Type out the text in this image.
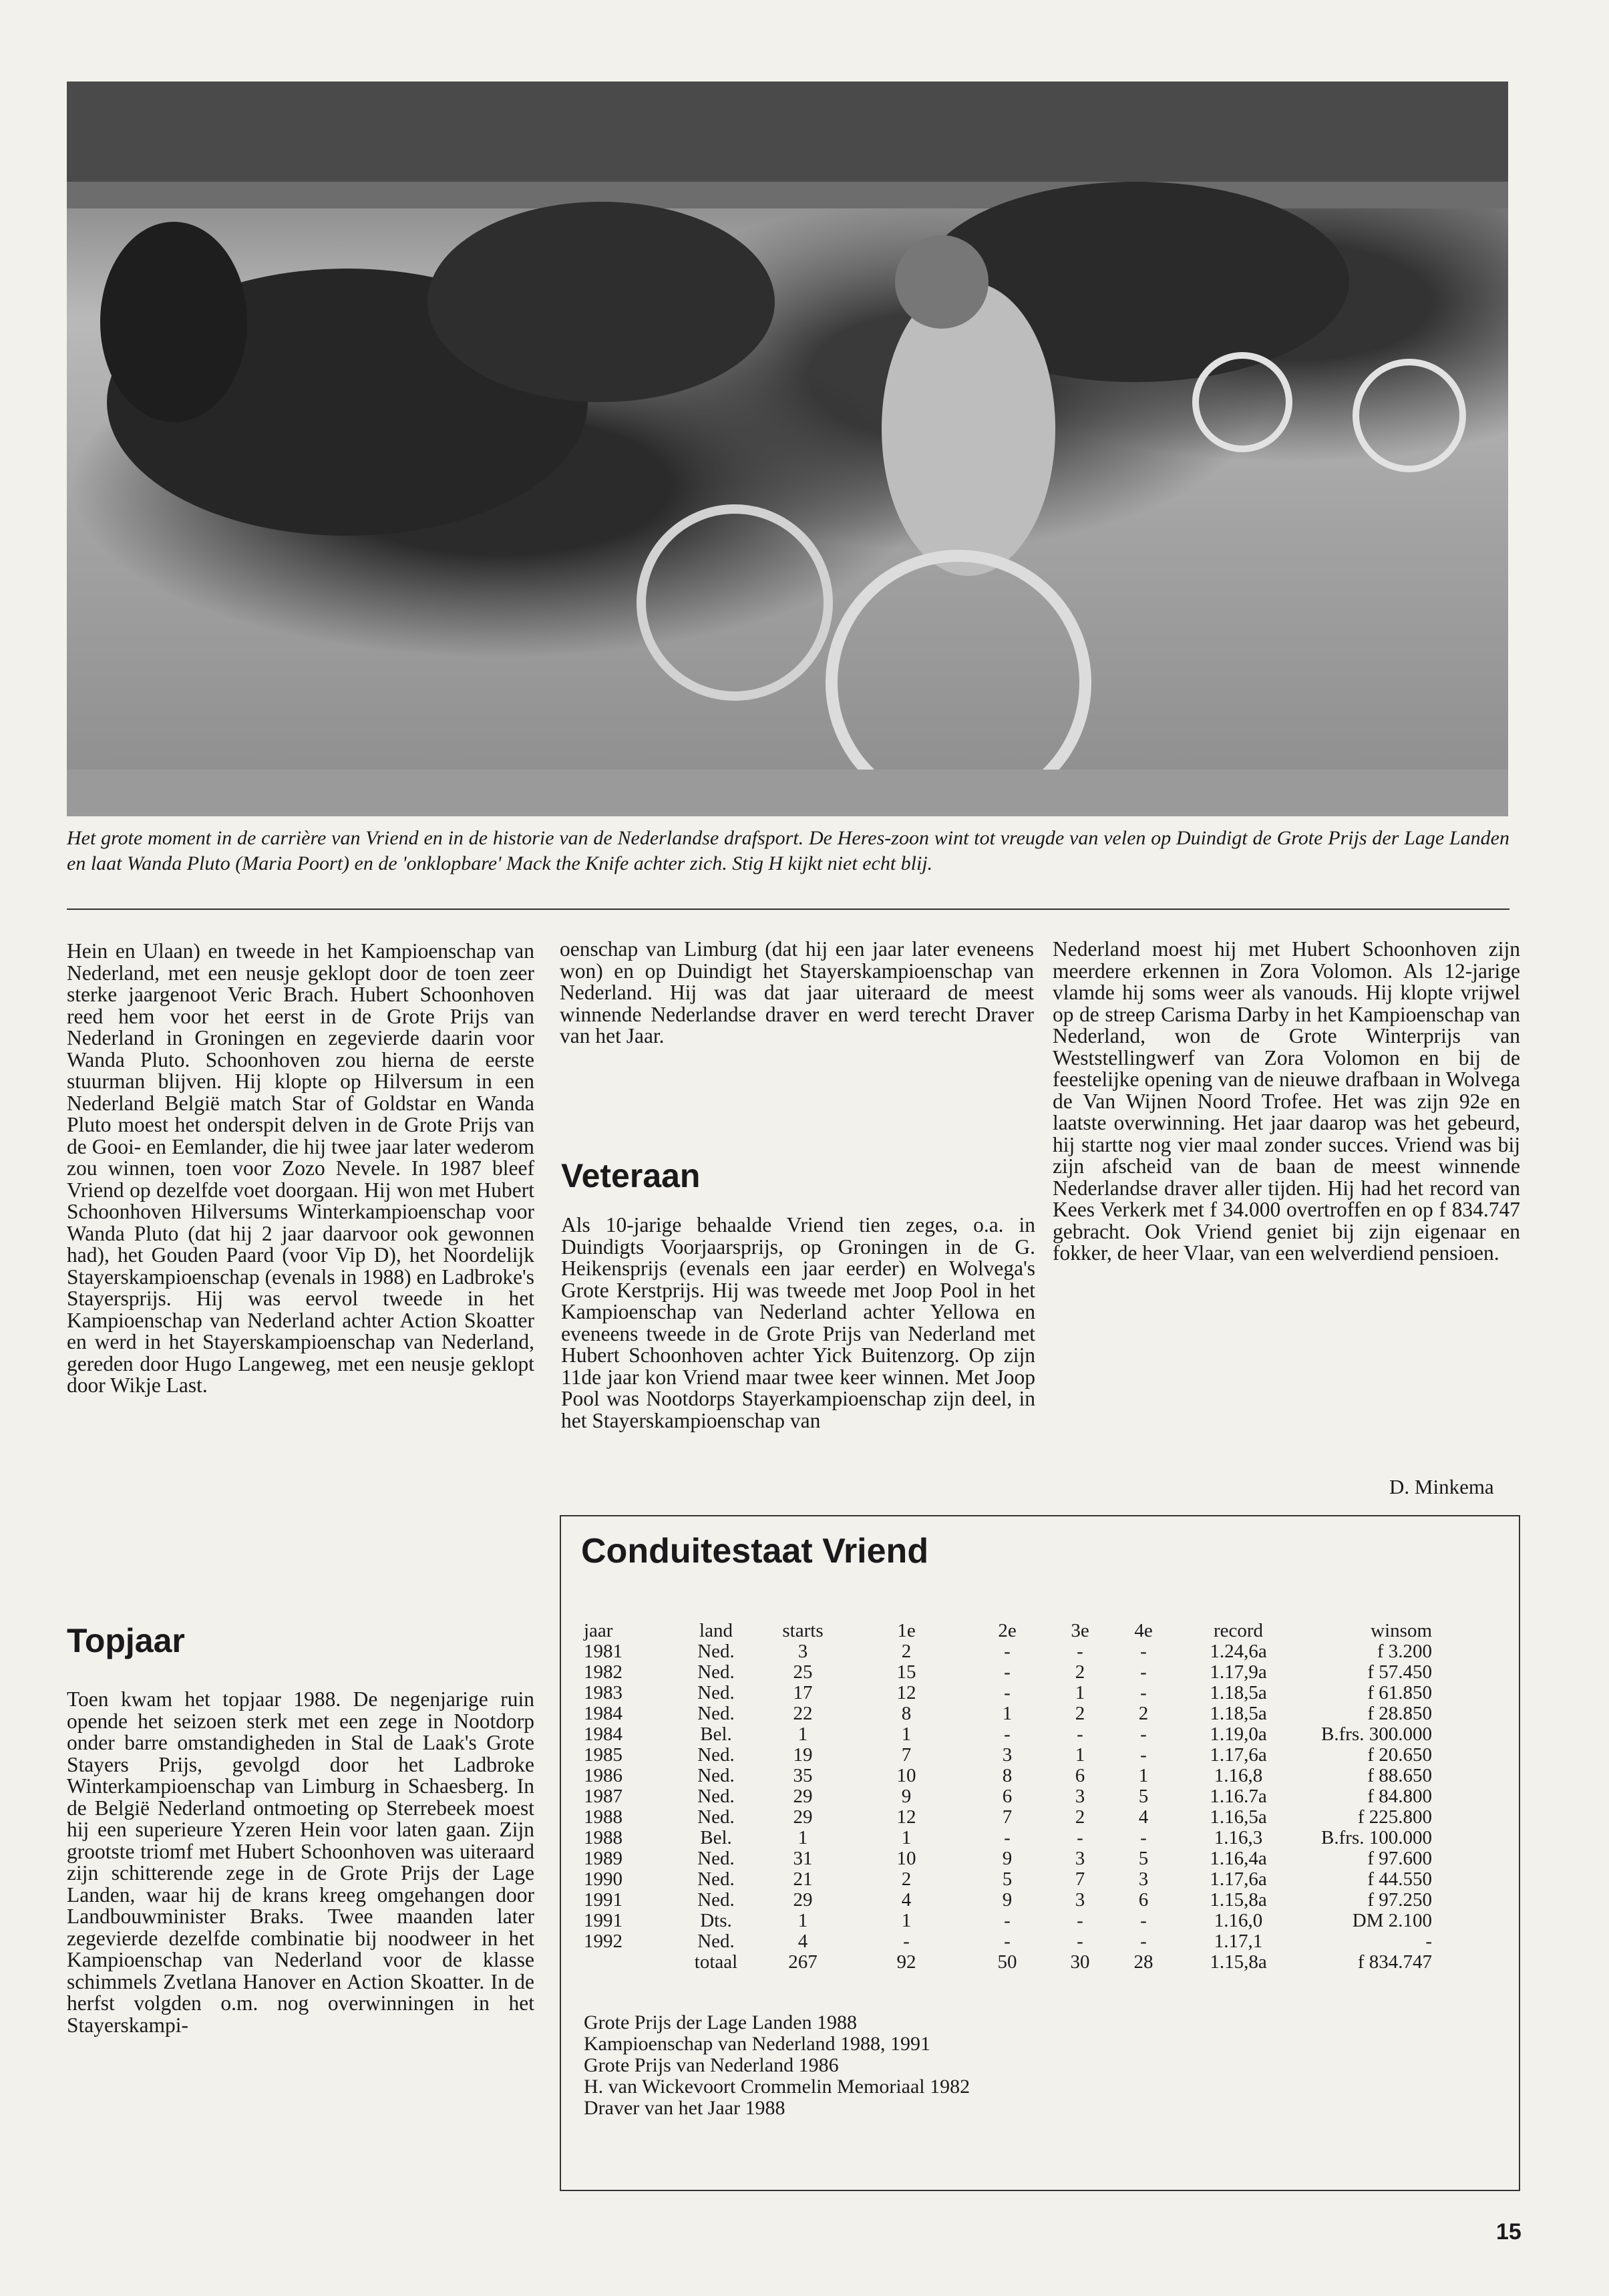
Het grote moment in de carrière van Vriend en in de historie van de Nederlandse drafsport. De Heres-zoon wint tot vreugde van velen op Duindigt de Grote Prijs der Lage Landen en laat Wanda Pluto (Maria Poort) en de 'onklopbare' Mack the Knife achter zich. Stig H kijkt niet echt blij.
Hein en Ulaan) en tweede in het Kampioenschap van Nederland, met een neusje geklopt door de toen zeer sterke jaargenoot Veric Brach. Hubert Schoonhoven reed hem voor het eerst in de Grote Prijs van Nederland in Groningen en zegevierde daarin voor Wanda Pluto. Schoonhoven zou hierna de eerste stuurman blijven. Hij klopte op Hilversum in een Nederland België match Star of Goldstar en Wanda Pluto moest het onderspit delven in de Grote Prijs van de Gooi- en Eemlander, die hij twee jaar later wederom zou winnen, toen voor Zozo Nevele. In 1987 bleef Vriend op dezelfde voet doorgaan. Hij won met Hubert Schoonhoven Hilversums Winterkampioenschap voor Wanda Pluto (dat hij 2 jaar daarvoor ook gewonnen had), het Gouden Paard (voor Vip D), het Noordelijk Stayerskampioenschap (evenals in 1988) en Ladbroke's Stayersprijs. Hij was eervol tweede in het Kampioenschap van Nederland achter Action Skoatter en werd in het Stayerskampioenschap van Nederland, gereden door Hugo Langeweg, met een neusje geklopt door Wikje Last.
Topjaar
Toen kwam het topjaar 1988. De negenjarige ruin opende het seizoen sterk met een zege in Nootdorp onder barre omstandigheden in Stal de Laak's Grote Stayers Prijs, gevolgd door het Ladbroke Winterkampioenschap van Limburg in Schaesberg. In de België Nederland ontmoeting op Sterrebeek moest hij een superieure Yzeren Hein voor laten gaan. Zijn grootste triomf met Hubert Schoonhoven was uiteraard zijn schitterende zege in de Grote Prijs der Lage Landen, waar hij de krans kreeg omgehangen door Landbouwminister Braks. Twee maanden later zegevierde dezelfde combinatie bij noodweer in het Kampioenschap van Nederland voor de klasse schimmels Zvetlana Hanover en Action Skoatter. In de herfst volgden o.m. nog overwinningen in het Stayerskampi-
oenschap van Limburg (dat hij een jaar later eveneens won) en op Duindigt het Stayerskampioenschap van Nederland. Hij was dat jaar uiteraard de meest winnende Nederlandse draver en werd terecht Draver van het Jaar.
Veteraan
Als 10-jarige behaalde Vriend tien zeges, o.a. in Duindigts Voorjaarsprijs, op Groningen in de G. Heikensprijs (evenals een jaar eerder) en Wolvega's Grote Kerstprijs. Hij was tweede met Joop Pool in het Kampioenschap van Nederland achter Yellowa en eveneens tweede in de Grote Prijs van Nederland met Hubert Schoonhoven achter Yick Buitenzorg. Op zijn 11de jaar kon Vriend maar twee keer winnen. Met Joop Pool was Nootdorps Stayerkampioenschap zijn deel, in het Stayerskampioenschap van
Nederland moest hij met Hubert Schoonhoven zijn meerdere erkennen in Zora Volomon. Als 12-jarige vlamde hij soms weer als vanouds. Hij klopte vrijwel op de streep Carisma Darby in het Kampioenschap van Nederland, won de Grote Winterprijs van Weststellingwerf van Zora Volomon en bij de feestelijke opening van de nieuwe drafbaan in Wolvega de Van Wijnen Noord Trofee. Het was zijn 92e en laatste overwinning. Het jaar daarop was het gebeurd, hij startte nog vier maal zonder succes. Vriend was bij zijn afscheid van de baan de meest winnende Nederlandse draver aller tijden. Hij had het record van Kees Verkerk met f 34.000 overtroffen en op f 834.747 gebracht. Ook Vriend geniet bij zijn eigenaar en fokker, de heer Vlaar, van een welverdiend pensioen.
D. Minkema
Conduitestaat Vriend
jaar	land	starts	1e	2e	3e	4e	record	winsom
1981	Ned.	3	2	-	-	-	1.24,6a	f 3.200
1982	Ned.	25	15	-	2	-	1.17,9a	f 57.450
1983	Ned.	17	12	-	1	-	1.18,5a	f 61.850
1984	Ned.	22	8	1	2	2	1.18,5a	f 28.850
1984	Bel.	1	1	-	-	-	1.19,0a	B.frs. 300.000
1985	Ned.	19	7	3	1	-	1.17,6a	f 20.650
1986	Ned.	35	10	8	6	1	1.16,8	f 88.650
1987	Ned.	29	9	6	3	5	1.16.7a	f 84.800
1988	Ned.	29	12	7	2	4	1.16,5a	f 225.800
1988	Bel.	1	1	-	-	-	1.16,3	B.frs. 100.000
1989	Ned.	31	10	9	3	5	1.16,4a	f 97.600
1990	Ned.	21	2	5	7	3	1.17,6a	f 44.550
1991	Ned.	29	4	9	3	6	1.15,8a	f 97.250
1991	Dts.	1	1	-	-	-	1.16,0	DM 2.100
1992	Ned.	4	-	-	-	-	1.17,1	-
	totaal	267	92	50	30	28	1.15,8a	f 834.747
Grote Prijs der Lage Landen 1988
Kampioenschap van Nederland 1988, 1991
Grote Prijs van Nederland 1986
H. van Wickevoort Crommelin Memoriaal 1982
Draver van het Jaar 1988
15
